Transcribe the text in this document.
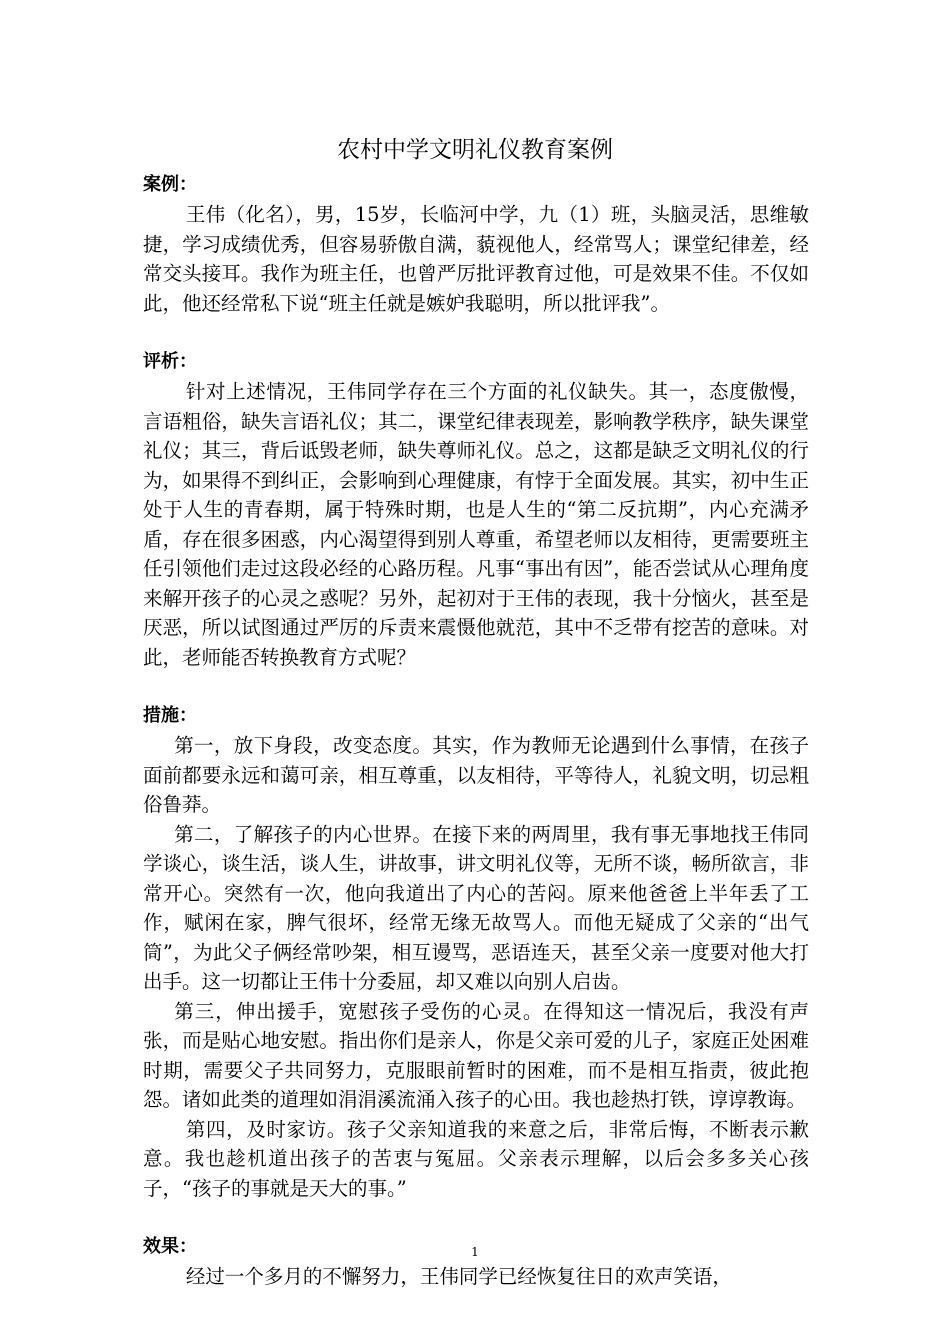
农村中学文明礼仪教育案例
案例：

王伟（化名），男，15岁，长临河中学，九（1）班，头脑灵活，思维敏捷，学习成绩优秀，但容易骄傲自满，藐视他人，经常骂人；课堂纪律差，经常交头接耳。我作为班主任，也曾严厉批评教育过他，可是效果不佳。不仅如此，他还经常私下说“班主任就是嫉妒我聪明，所以批评我”。

评析：

针对上述情况，王伟同学存在三个方面的礼仪缺失。其一，态度傲慢，言语粗俗，缺失言语礼仪；其二，课堂纪律表现差，影响教学秩序，缺失课堂礼仪；其三，背后诋毁老师，缺失尊师礼仪。总之，这都是缺乏文明礼仪的行为，如果得不到纠正，会影响到心理健康，有悖于全面发展。其实，初中生正处于人生的青春期，属于特殊时期，也是人生的“第二反抗期”，内心充满矛盾，存在很多困惑，内心渴望得到别人尊重，希望老师以友相待，更需要班主任引领他们走过这段必经的心路历程。凡事“事出有因”，能否尝试从心理角度来解开孩子的心灵之惑呢？另外，起初对于王伟的表现，我十分恼火，甚至是厌恶，所以试图通过严厉的斥责来震慑他就范，其中不乏带有挖苦的意味。对此，老师能否转换教育方式呢？

措施：

第一，放下身段，改变态度。其实，作为教师无论遇到什么事情，在孩子面前都要永远和蔼可亲，相互尊重，以友相待，平等待人，礼貌文明，切忌粗俗鲁莽。

第二，了解孩子的内心世界。在接下来的两周里，我有事无事地找王伟同学谈心，谈生活，谈人生，讲故事，讲文明礼仪等，无所不谈，畅所欲言，非常开心。突然有一次，他向我道出了内心的苦闷。原来他爸爸上半年丢了工作，赋闲在家，脾气很坏，经常无缘无故骂人。而他无疑成了父亲的“出气筒”，为此父子俩经常吵架，相互谩骂，恶语连天，甚至父亲一度要对他大打出手。这一切都让王伟十分委屈，却又难以向别人启齿。

第三，伸出援手，宽慰孩子受伤的心灵。在得知这一情况后，我没有声张，而是贴心地安慰。指出你们是亲人，你是父亲可爱的儿子，家庭正处困难时期，需要父子共同努力，克服眼前暂时的困难，而不是相互指责，彼此抱怨。诸如此类的道理如涓涓溪流涌入孩子的心田。我也趁热打铁，谆谆教诲。

第四，及时家访。孩子父亲知道我的来意之后，非常后悔，不断表示歉意。我也趁机道出孩子的苦衷与冤屈。父亲表示理解，以后会多多关心孩子，“孩子的事就是天大的事。”

效果：

经过一个多月的不懈努力，王伟同学已经恢复往日的欢声笑语，

1
